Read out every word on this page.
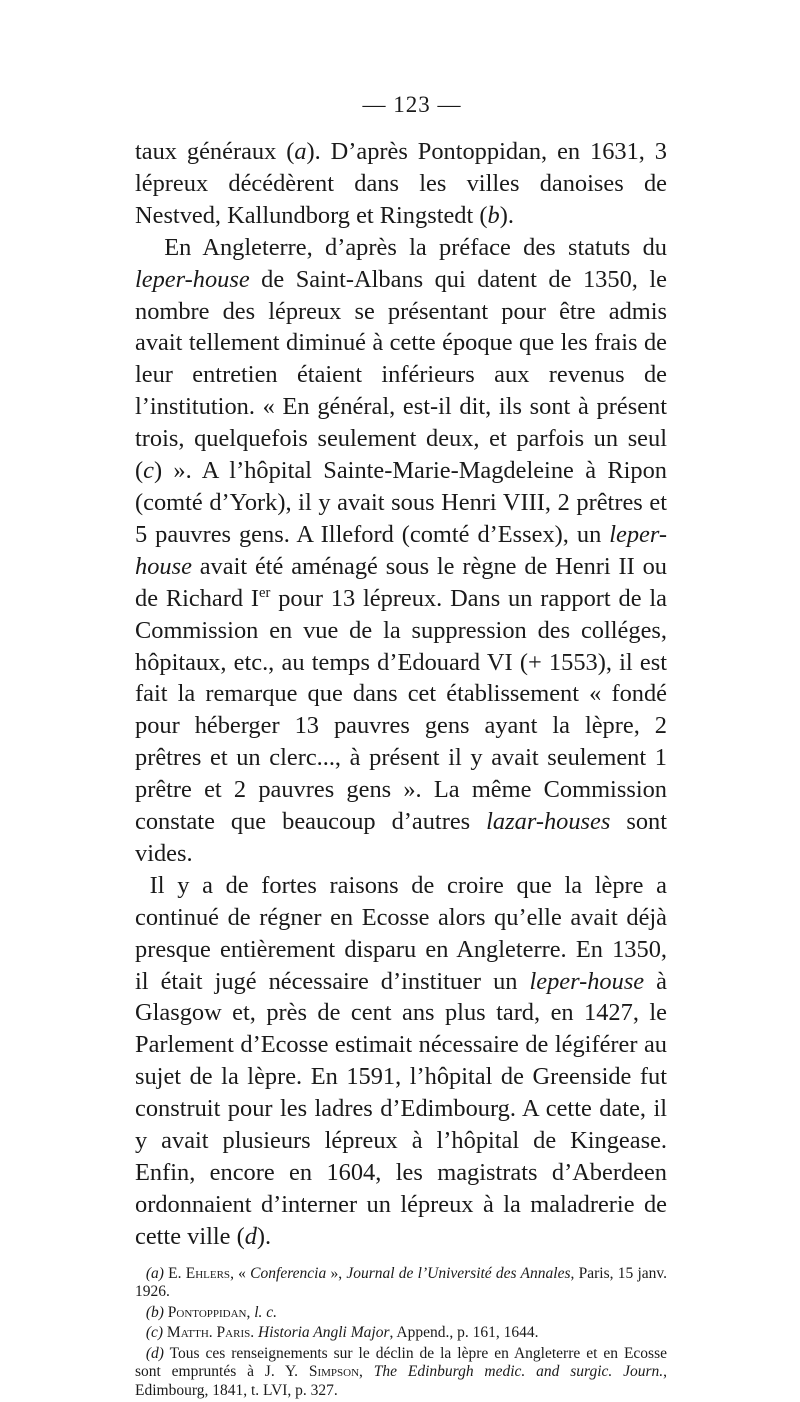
— 123 —

taux généraux (a). D’après Pontoppidan, en 1631, 3 lépreux décédèrent dans les villes danoises de Nestved, Kallundborg et Ringstedt (b).

En Angleterre, d’après la préface des statuts du leper-house de Saint-Albans qui datent de 1350, le nombre des lépreux se présentant pour être admis avait tellement diminué à cette époque que les frais de leur entretien étaient inférieurs aux revenus de l’institution. « En général, est-il dit, ils sont à présent trois, quelquefois seulement deux, et parfois un seul (c) ». A l’hôpital Sainte-Marie-Magdeleine à Ripon (comté d’York), il y avait sous Henri VIII, 2 prêtres et 5 pauvres gens. A Illeford (comté d’Essex), un leper-house avait été aménagé sous le règne de Henri II ou de Richard Ier pour 13 lépreux. Dans un rapport de la Commission en vue de la suppression des colléges, hôpitaux, etc., au temps d’Edouard VI (+ 1553), il est fait la remarque que dans cet établissement « fondé pour héberger 13 pauvres gens ayant la lèpre, 2 prêtres et un clerc..., à présent il y avait seulement 1 prêtre et 2 pauvres gens ». La même Commission constate que beaucoup d’autres lazar-houses sont vides.

Il y a de fortes raisons de croire que la lèpre a continué de régner en Ecosse alors qu’elle avait déjà presque entièrement disparu en Angleterre. En 1350, il était jugé nécessaire d’instituer un leper-house à Glasgow et, près de cent ans plus tard, en 1427, le Parlement d’Ecosse estimait nécessaire de légiférer au sujet de la lèpre. En 1591, l’hôpital de Greenside fut construit pour les ladres d’Edimbourg. A cette date, il y avait plusieurs lépreux à l’hôpital de Kingease. Enfin, encore en 1604, les magistrats d’Aberdeen ordonnaient d’interner un lépreux à la maladrerie de cette ville (d).

(a) E. Ehlers, « Conferencia », Journal de l’Université des Annales, Paris, 15 janv. 1926.

(b) Pontoppidan, l. c.

(c) Matth. Paris. Historia Angli Major, Append., p. 161, 1644.

(d) Tous ces renseignements sur le déclin de la lèpre en Angleterre et en Ecosse sont empruntés à J. Y. Simpson, The Edinburgh medic. and surgic. Journ., Edimbourg, 1841, t. LVI, p. 327.
